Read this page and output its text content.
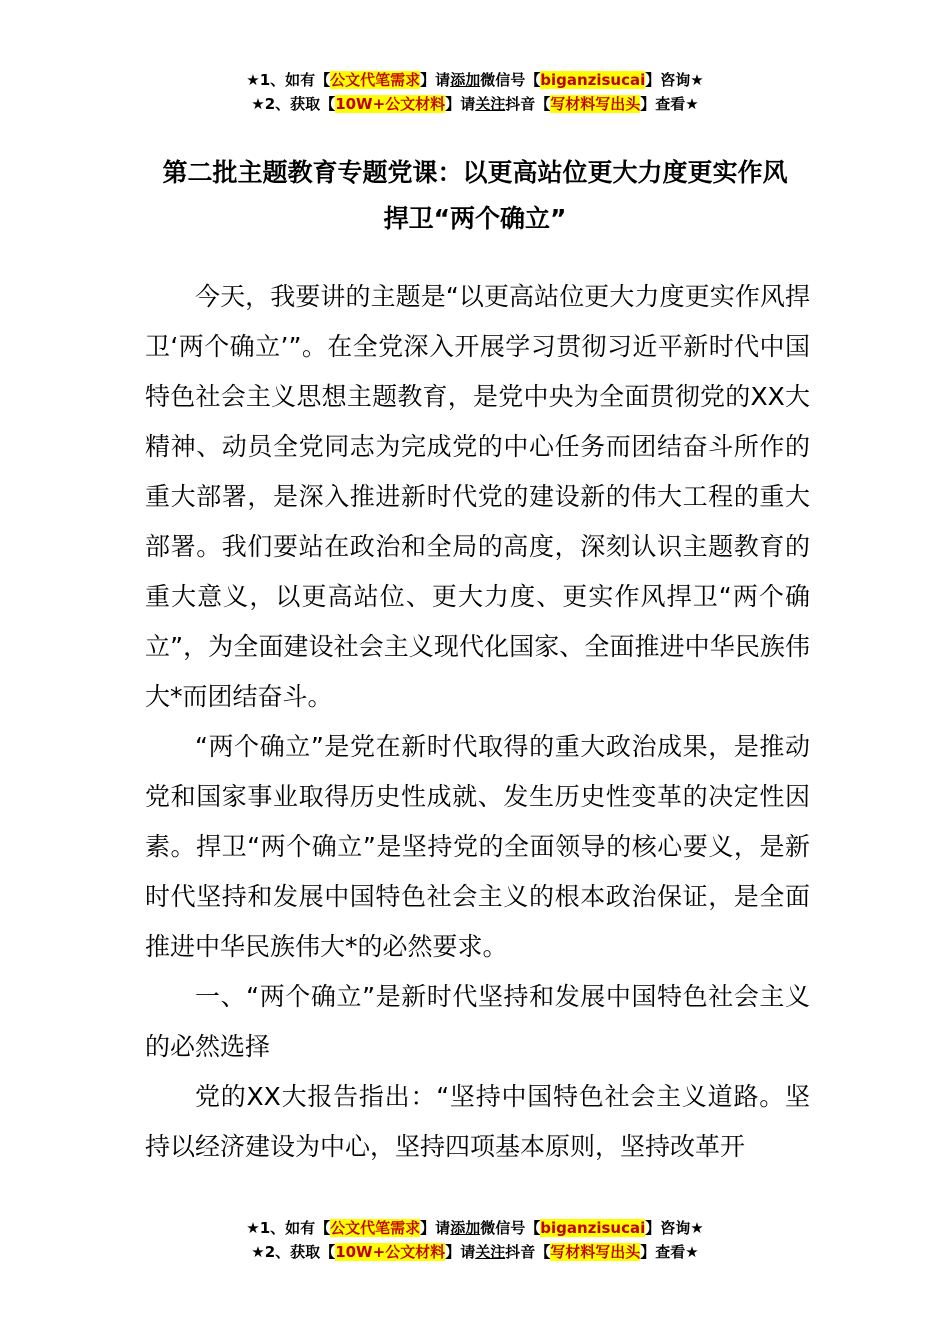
★1、如有【公文代笔需求】请添加微信号【biganzisucai】咨询★
★2、获取【10W+公文材料】请关注抖音【写材料写出头】查看★
第二批主题教育专题党课：以更高站位更大力度更实作风
捍卫“两个确立”

今天，我要讲的主题是“以更高站位更大力度更实作风捍卫‘两个确立’”。在全党深入开展学习贯彻习近平新时代中国特色社会主义思想主题教育，是党中央为全面贯彻党的XX大精神、动员全党同志为完成党的中心任务而团结奋斗所作的重大部署，是深入推进新时代党的建设新的伟大工程的重大部署。我们要站在政治和全局的高度，深刻认识主题教育的重大意义，以更高站位、更大力度、更实作风捍卫“两个确立”，为全面建设社会主义现代化国家、全面推进中华民族伟大*而团结奋斗。

“两个确立”是党在新时代取得的重大政治成果，是推动党和国家事业取得历史性成就、发生历史性变革的决定性因素。捍卫“两个确立”是坚持党的全面领导的核心要义，是新时代坚持和发展中国特色社会主义的根本政治保证，是全面推进中华民族伟大*的必然要求。

一、“两个确立”是新时代坚持和发展中国特色社会主义的必然选择

党的XX大报告指出：“坚持中国特色社会主义道路。坚持以经济建设为中心，坚持四项基本原则，坚持改革开

★1、如有【公文代笔需求】请添加微信号【biganzisucai】咨询★
★2、获取【10W+公文材料】请关注抖音【写材料写出头】查看★
